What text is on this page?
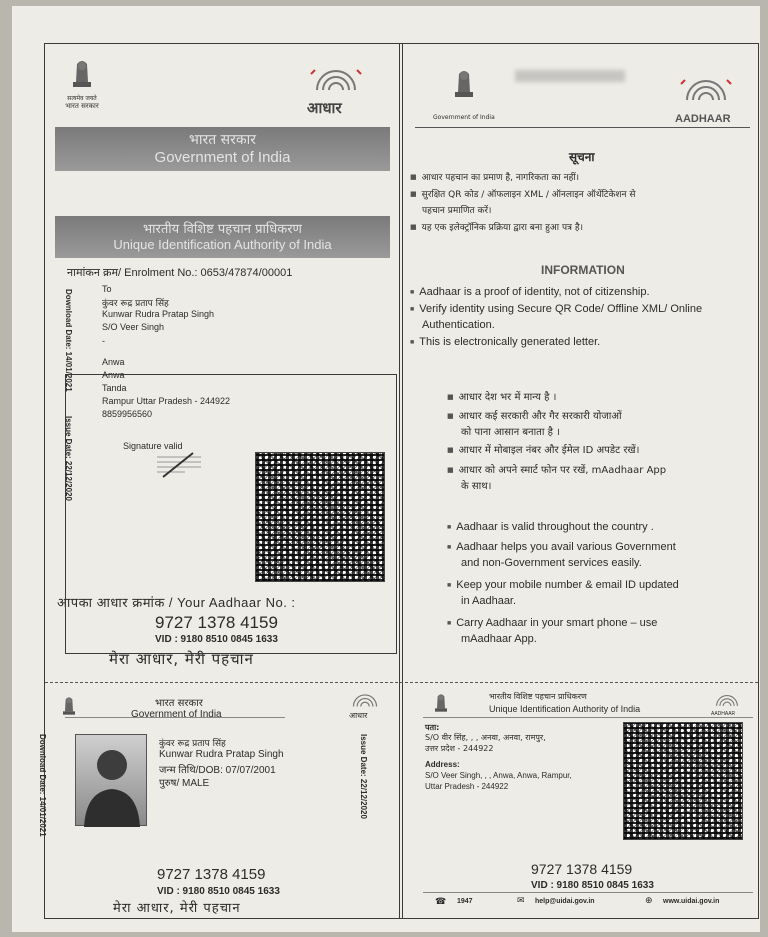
सत्यमेव जयते
भारत सरकार	आधार
भारत सरकार
Government of India
भारतीय विशिष्ट पहचान प्राधिकरण
Unique Identification Authority of India
नामांकन क्रम/ Enrolment No.: 0653/47874/00001
Download Date: 14/01/2021
Issue Date: 22/12/2020
To
कुंवर रूद्र प्रताप सिंह
Kunwar Rudra Pratap Singh
S/O Veer Singh
-
Anwa
Anwa
Tanda
Rampur Uttar Pradesh - 244922
8859956560
Signature valid
आपका आधार क्रमांक / Your Aadhaar No. :
9727 1378 4159
VID : 9180 8510 0845 1633
मेरा आधार, मेरी पहचान
Government of India	AADHAAR
सूचना
■ आधार पहचान का प्रमाण है, नागरिकता का नहीं।
■ सुरक्षित QR कोड / ऑफलाइन XML / ऑनलाइन ऑथेंटिकेशन से
पहचान प्रमाणित करें।
■ यह एक इलेक्ट्रॉनिक प्रक्रिया द्वारा बना हुआ पत्र है।
INFORMATION
■ Aadhaar is a proof of identity, not of citizenship.
■ Verify identity using Secure QR Code/ Offline XML/ Online
Authentication.
■ This is electronically generated letter.
■ आधार देश भर में मान्य है ।
■ आधार कई सरकारी और गैर सरकारी योजाओं
को पाना आसान बनाता है ।
■ आधार में मोबाइल नंबर और ईमेल ID अपडेट रखें।
■ आधार को अपने स्मार्ट फोन पर रखें, mAadhaar App
के साथ।
■ Aadhaar is valid throughout the country .
■ Aadhaar helps you avail various Government
and non-Government services easily.
■ Keep your mobile number & email ID updated
in Aadhaar.
■ Carry Aadhaar in your smart phone – use
mAadhaar App.
भारत सरकार
Government of India	आधार
Download Date: 14/01/2021	Issue Date: 22/12/2020
कुंवर रूद्र प्रताप सिंह
Kunwar Rudra Pratap Singh
जन्म तिथि/DOB: 07/07/2001
पुरुष/ MALE
9727 1378 4159
VID : 9180 8510 0845 1633
मेरा आधार, मेरी पहचान
भारतीय विशिष्ट पहचान प्राधिकरण
Unique Identification Authority of India	AADHAAR
पता:
S/O वीर सिंह, , , अनवा, अनवा, रामपुर,
उत्तर प्रदेश - 244922
Address:
S/O Veer Singh, , , Anwa, Anwa, Rampur,
Uttar Pradesh - 244922
9727 1378 4159
VID : 9180 8510 0845 1633
☎ 1947	✉ help@uidai.gov.in	⊕ www.uidai.gov.in
